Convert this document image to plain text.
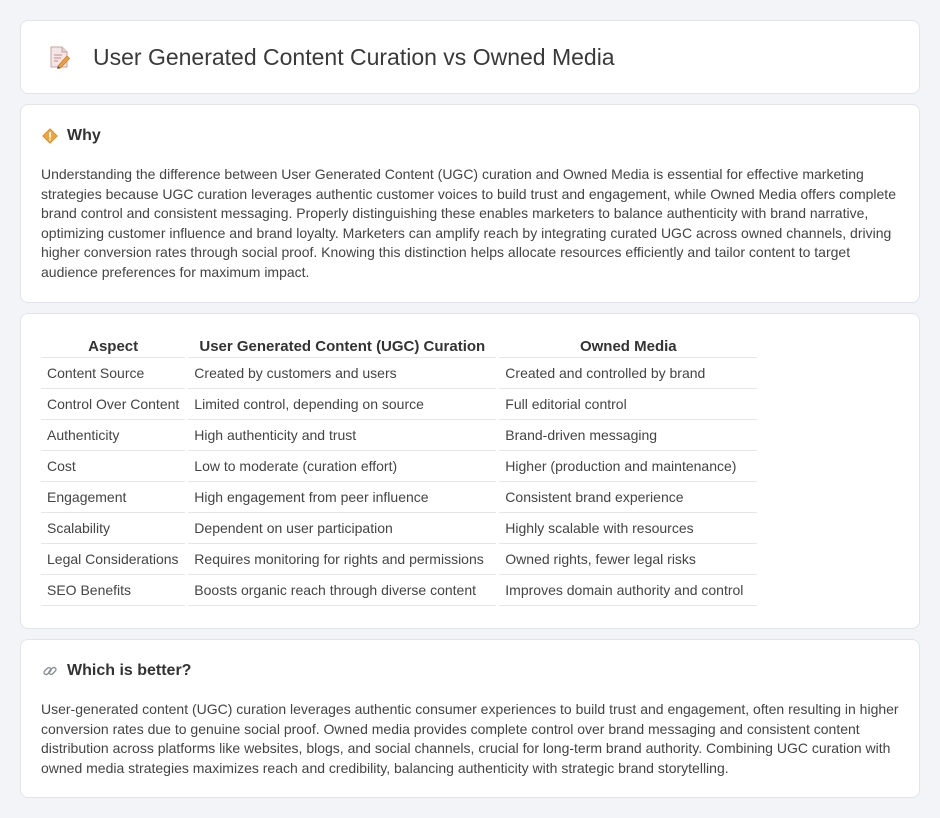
User Generated Content Curation vs Owned Media
Why

Understanding the difference between User Generated Content (UGC) curation and Owned Media is essential for effective marketing strategies because UGC curation leverages authentic customer voices to build trust and engagement, while Owned Media offers complete brand control and consistent messaging. Properly distinguishing these enables marketers to balance authenticity with brand narrative, optimizing customer influence and brand loyalty. Marketers can amplify reach by integrating curated UGC across owned channels, driving higher conversion rates through social proof. Knowing this distinction helps allocate resources efficiently and tailor content to target audience preferences for maximum impact.

Aspect	User Generated Content (UGC) Curation	Owned Media
Content Source	Created by customers and users	Created and controlled by brand
Control Over Content	Limited control, depending on source	Full editorial control
Authenticity	High authenticity and trust	Brand-driven messaging
Cost	Low to moderate (curation effort)	Higher (production and maintenance)
Engagement	High engagement from peer influence	Consistent brand experience
Scalability	Dependent on user participation	Highly scalable with resources
Legal Considerations	Requires monitoring for rights and permissions	Owned rights, fewer legal risks
SEO Benefits	Boosts organic reach through diverse content	Improves domain authority and control
Which is better?

User-generated content (UGC) curation leverages authentic consumer experiences to build trust and engagement, often resulting in higher conversion rates due to genuine social proof. Owned media provides complete control over brand messaging and consistent content distribution across platforms like websites, blogs, and social channels, crucial for long-term brand authority. Combining UGC curation with owned media strategies maximizes reach and credibility, balancing authenticity with strategic brand storytelling.
